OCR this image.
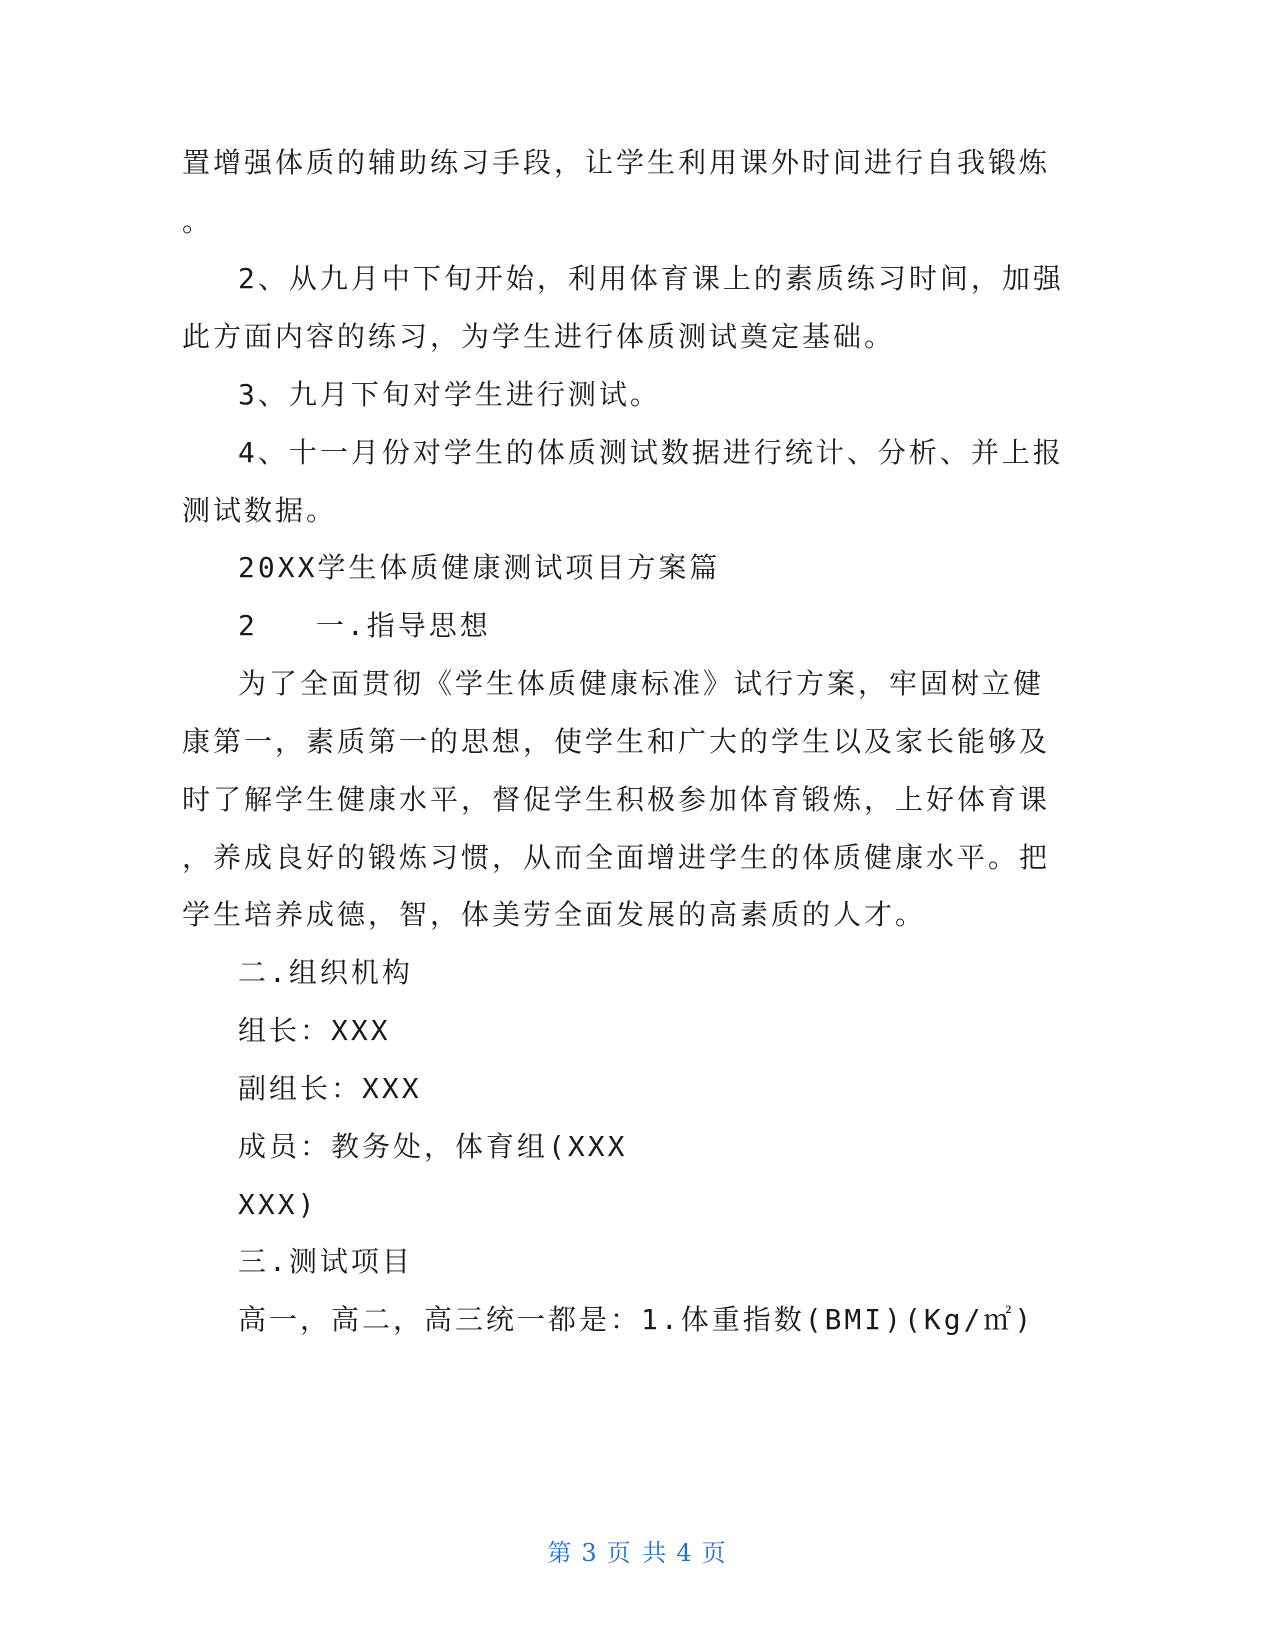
置增强体质的辅助练习手段，让学生利用课外时间进行自我锻炼
。
2、从九月中下旬开始，利用体育课上的素质练习时间，加强
此方面内容的练习，为学生进行体质测试奠定基础。
3、九月下旬对学生进行测试。
4、十一月份对学生的体质测试数据进行统计、分析、并上报
测试数据。
20XX学生体质健康测试项目方案篇
2 一.指导思想
为了全面贯彻《学生体质健康标准》试行方案，牢固树立健
康第一，素质第一的思想，使学生和广大的学生以及家长能够及
时了解学生健康水平，督促学生积极参加体育锻炼，上好体育课
，养成良好的锻炼习惯，从而全面增进学生的体质健康水平。把
学生培养成德，智，体美劳全面发展的高素质的人才。
二.组织机构
组长：XXX
副组长：XXX
成员：教务处，体育组(XXX
XXX)
三.测试项目
高一，高二，高三统一都是：1.体重指数(BMI)(Kg/㎡)
第 3 页 共 4 页
